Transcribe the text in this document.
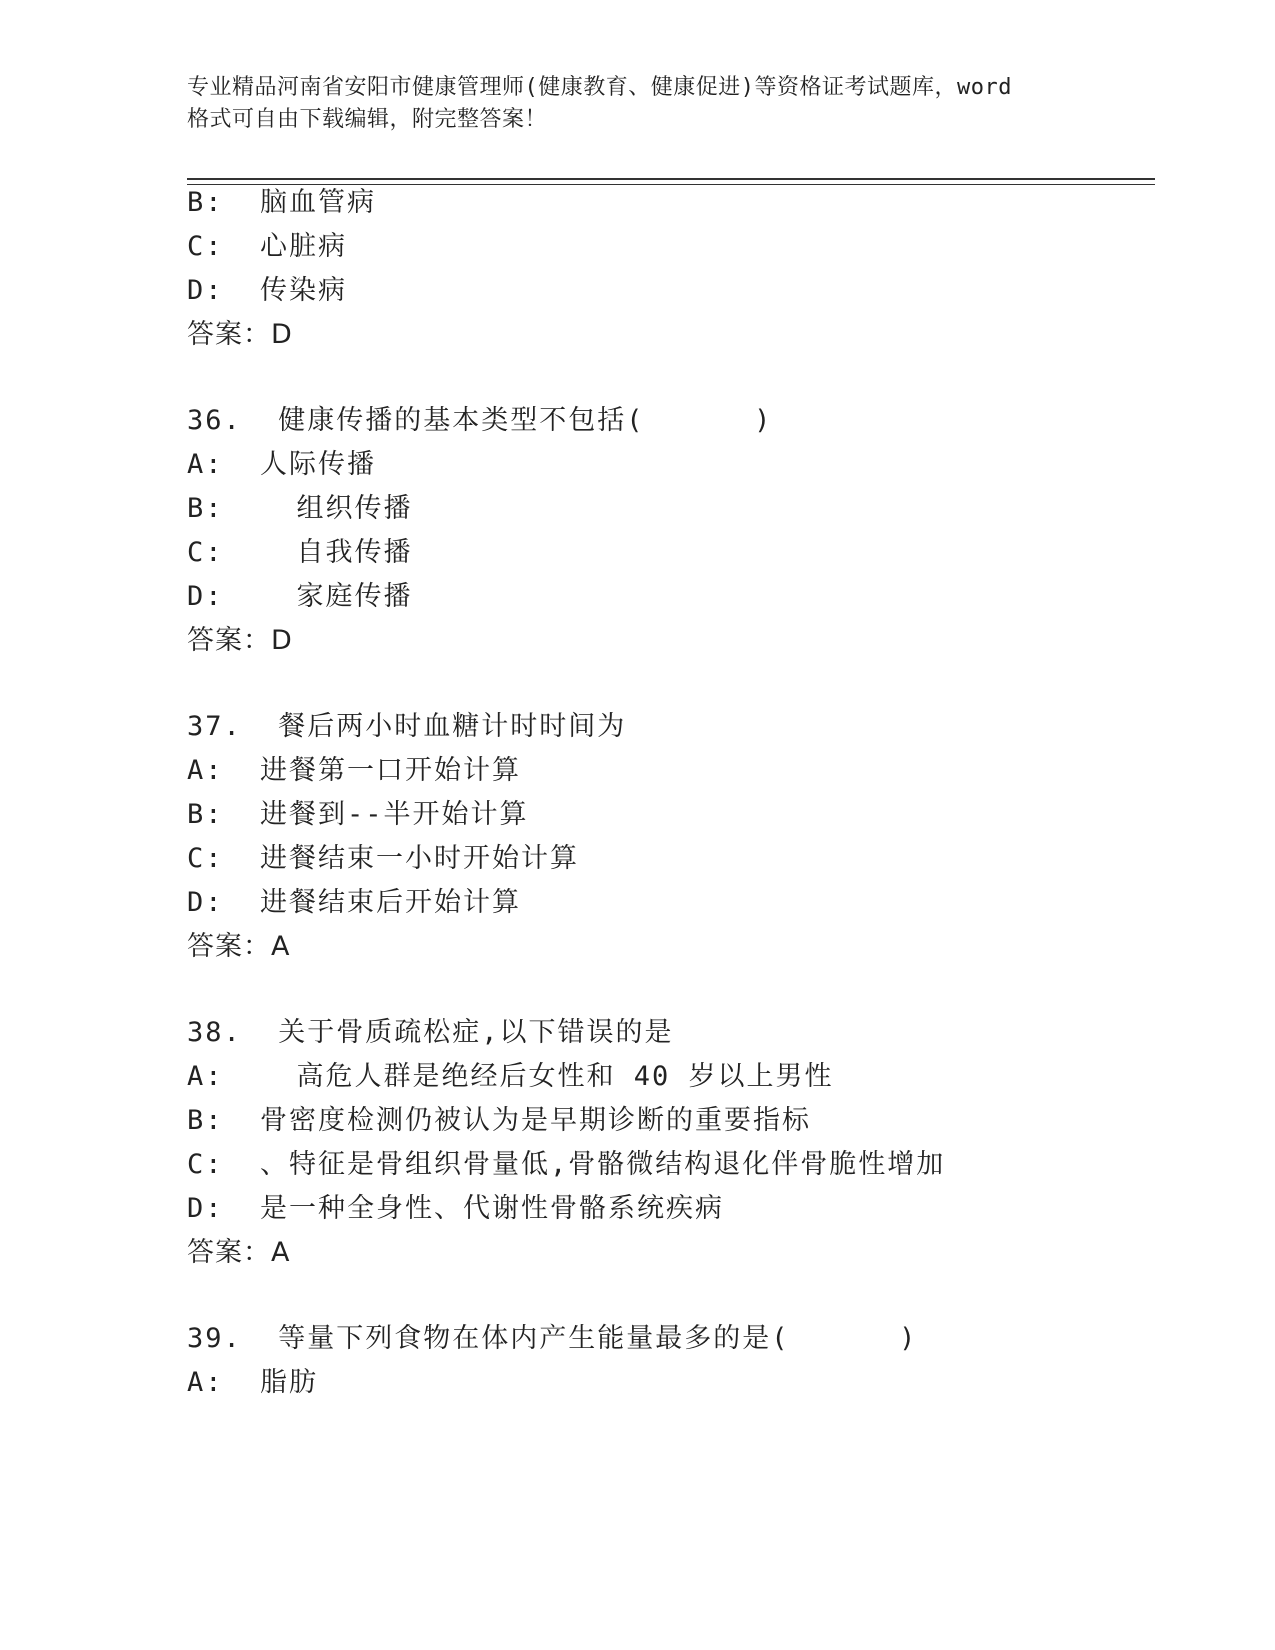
专业精品河南省安阳市健康管理师(健康教育、健康促进)等资格证考试题库，word
格式可自由下载编辑，附完整答案！
B:  脑血管病
C:  心脏病
D:  传染病
答案：D
36.  健康传播的基本类型不包括(      )
A:  人际传播
B:    组织传播
C:    自我传播
D:    家庭传播
答案：D
37.  餐后两小时血糖计时时间为
A:  进餐第一口开始计算
B:  进餐到--半开始计算
C:  进餐结束一小时开始计算
D:  进餐结束后开始计算
答案：A
38.  关于骨质疏松症,以下错误的是
A:    高危人群是绝经后女性和 40 岁以上男性
B:  骨密度检测仍被认为是早期诊断的重要指标
C:  、特征是骨组织骨量低,骨骼微结构退化伴骨脆性增加
D:  是一种全身性、代谢性骨骼系统疾病
答案：A
39.  等量下列食物在体内产生能量最多的是(      )
A:  脂肪
